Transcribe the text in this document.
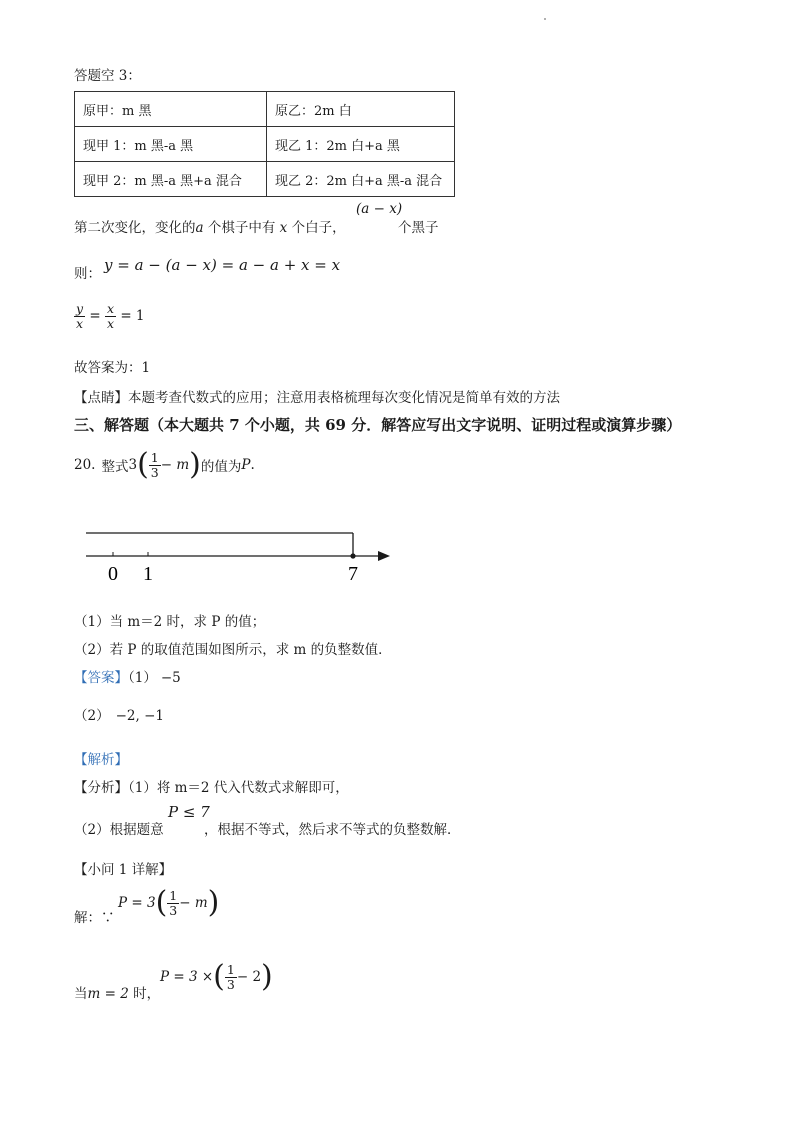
答题空 3：
原甲：m 黑	原乙：2m 白
现甲 1：m 黑-a 黑	现乙 1：2m 白+a 黑
现甲 2：m 黑-a 黑+a 混合	现乙 2：2m 白+a 黑-a 混合
第二次变化，变化的a 个棋子中有 x 个白子，
(a − x)
个黑子
则： y = a − (a − x) = a − a + x = x
$\frac{y}{x} = \frac{x}{x} = 1$
故答案为：1
【点睛】本题考查代数式的应用；注意用表格梳理每次变化情况是简单有效的方法
三、解答题（本大题共 7 个小题，共 69 分．解答应写出文字说明、证明过程或演算步骤）
20. 整式 3 ( $\frac{1}{3} - m$ ) 的值为 P .
0 1	7
（1）当 m＝2 时，求 P 的值；
（2）若 P 的取值范围如图所示，求 m 的负整数值．
【答案】（1） −5
（2） −2, −1
【解析】
【分析】（1）将 m＝2 代入代数式求解即可，
（2）根据题意
P ≤ 7
，根据不等式，然后求不等式的负整数解．
【小问 1 详解】
解：∵
P = 3 ( $\frac{1}{3} - m$ )
当m = 2 时，
P = 3 × ( $\frac{1}{3} - 2$ )
